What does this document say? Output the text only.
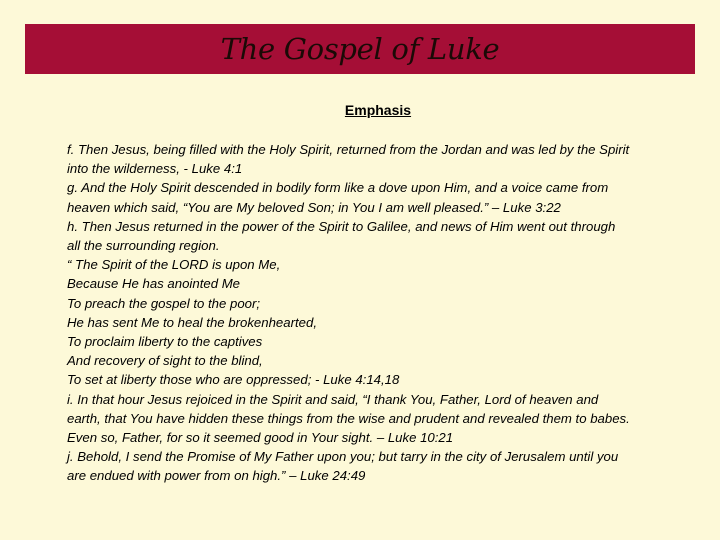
The Gospel of Luke
Emphasis
f. Then Jesus, being filled with the Holy Spirit, returned from the Jordan and was led by the Spirit
into the wilderness, - Luke 4:1
g. And the Holy Spirit descended in bodily form like a dove upon Him, and a voice came from
heaven which said, “You are My beloved Son; in You I am well pleased.” – Luke 3:22
h. Then Jesus returned in the power of the Spirit to Galilee, and news of Him went out through
all the surrounding region.
“ The Spirit of the LORD is upon Me,
Because He has anointed Me
To preach the gospel to the poor;
He has sent Me to heal the brokenhearted,
To proclaim liberty to the captives
And recovery of sight to the blind,
To set at liberty those who are oppressed; - Luke 4:14,18
i. In that hour Jesus rejoiced in the Spirit and said, “I thank You, Father, Lord of heaven and
earth, that You have hidden these things from the wise and prudent and revealed them to babes.
Even so, Father, for so it seemed good in Your sight. – Luke 10:21
j. Behold, I send the Promise of My Father upon you; but tarry in the city of Jerusalem until you
are endued with power from on high.” – Luke 24:49
